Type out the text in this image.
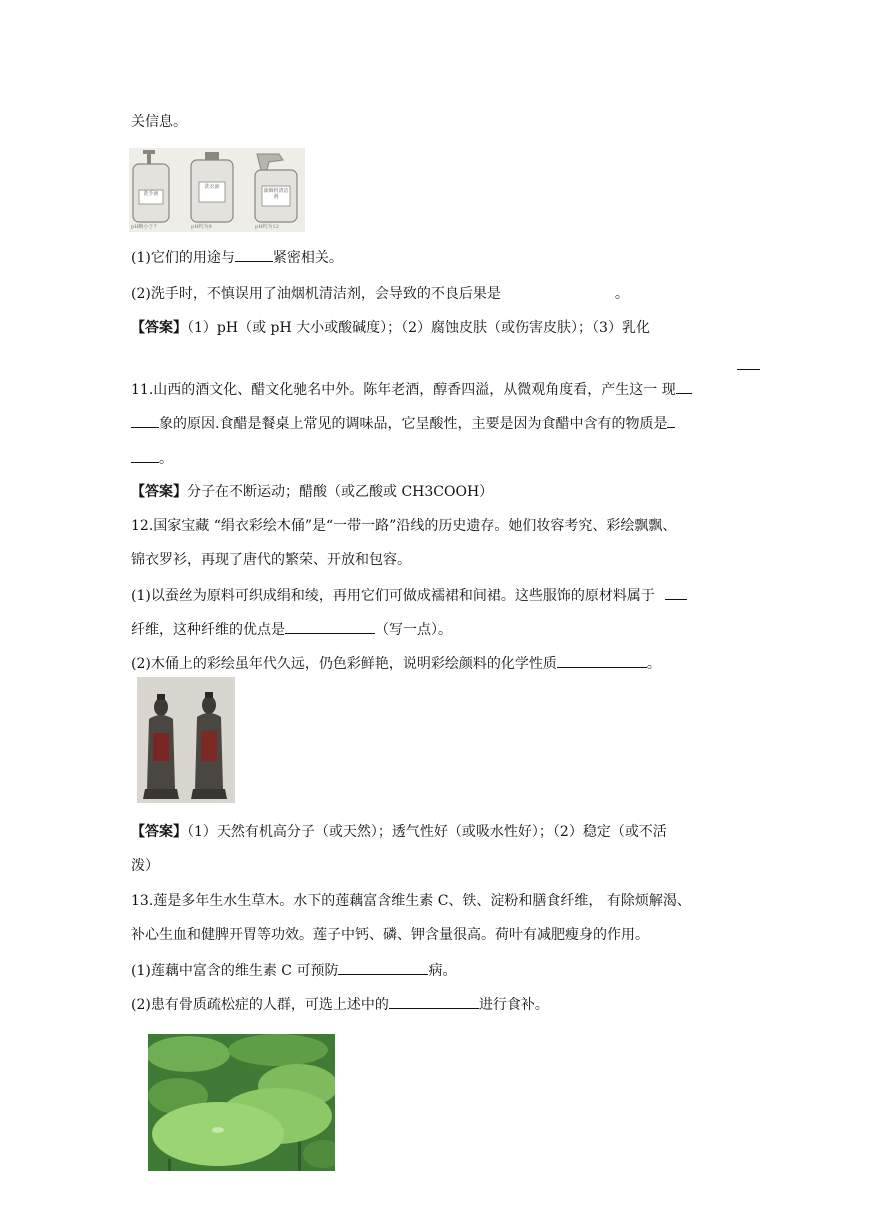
关信息。
洗手液
洗衣液
油烟机清洁剂
pH略小于7	pH约为9	pH约为12
(1)它们的用途与	紧密相关。
(2)洗手时，不慎误用了油烟机清洁剂，会导致的不良后果是	。
【答案】（1）pH（或 pH 大小或酸碱度）；（2）腐蚀皮肤（或伤害皮肤）；（3）乳化
11.山西的酒文化、醋文化驰名中外。陈年老酒，醇香四溢，从微观角度看，产生这一 现
象的原因.食醋是餐桌上常见的调味品，它呈酸性，主要是因为食醋中含有的物质是
。
【答案】分子在不断运动；醋酸（或乙酸或 CH3COOH）
12.国家宝藏 “绢衣彩绘木俑”是“一带一路”沿线的历史遗存。她们妆容考究、彩绘飘飘、
锦衣罗衫，再现了唐代的繁荣、开放和包容。
(1)以蚕丝为原料可织成绢和绫，再用它们可做成襦裙和间裙。这些服饰的原材料属于
纤维，这种纤维的优点是	（写一点）。
(2)木俑上的彩绘虽年代久远，仍色彩鲜艳，说明彩绘颜料的化学性质	。
【答案】（1）天然有机高分子（或天然）；透气性好（或吸水性好）；（2）稳定（或不活
泼）
13.莲是多年生水生草木。水下的莲藕富含维生素 C、铁、淀粉和膳食纤维， 有除烦解渴、
补心生血和健脾开胃等功效。莲子中钙、磷、钾含量很高。荷叶有减肥瘦身的作用。
(1)莲藕中富含的维生素 C 可预防	病。
(2)患有骨质疏松症的人群，可选上述中的	进行食补。
